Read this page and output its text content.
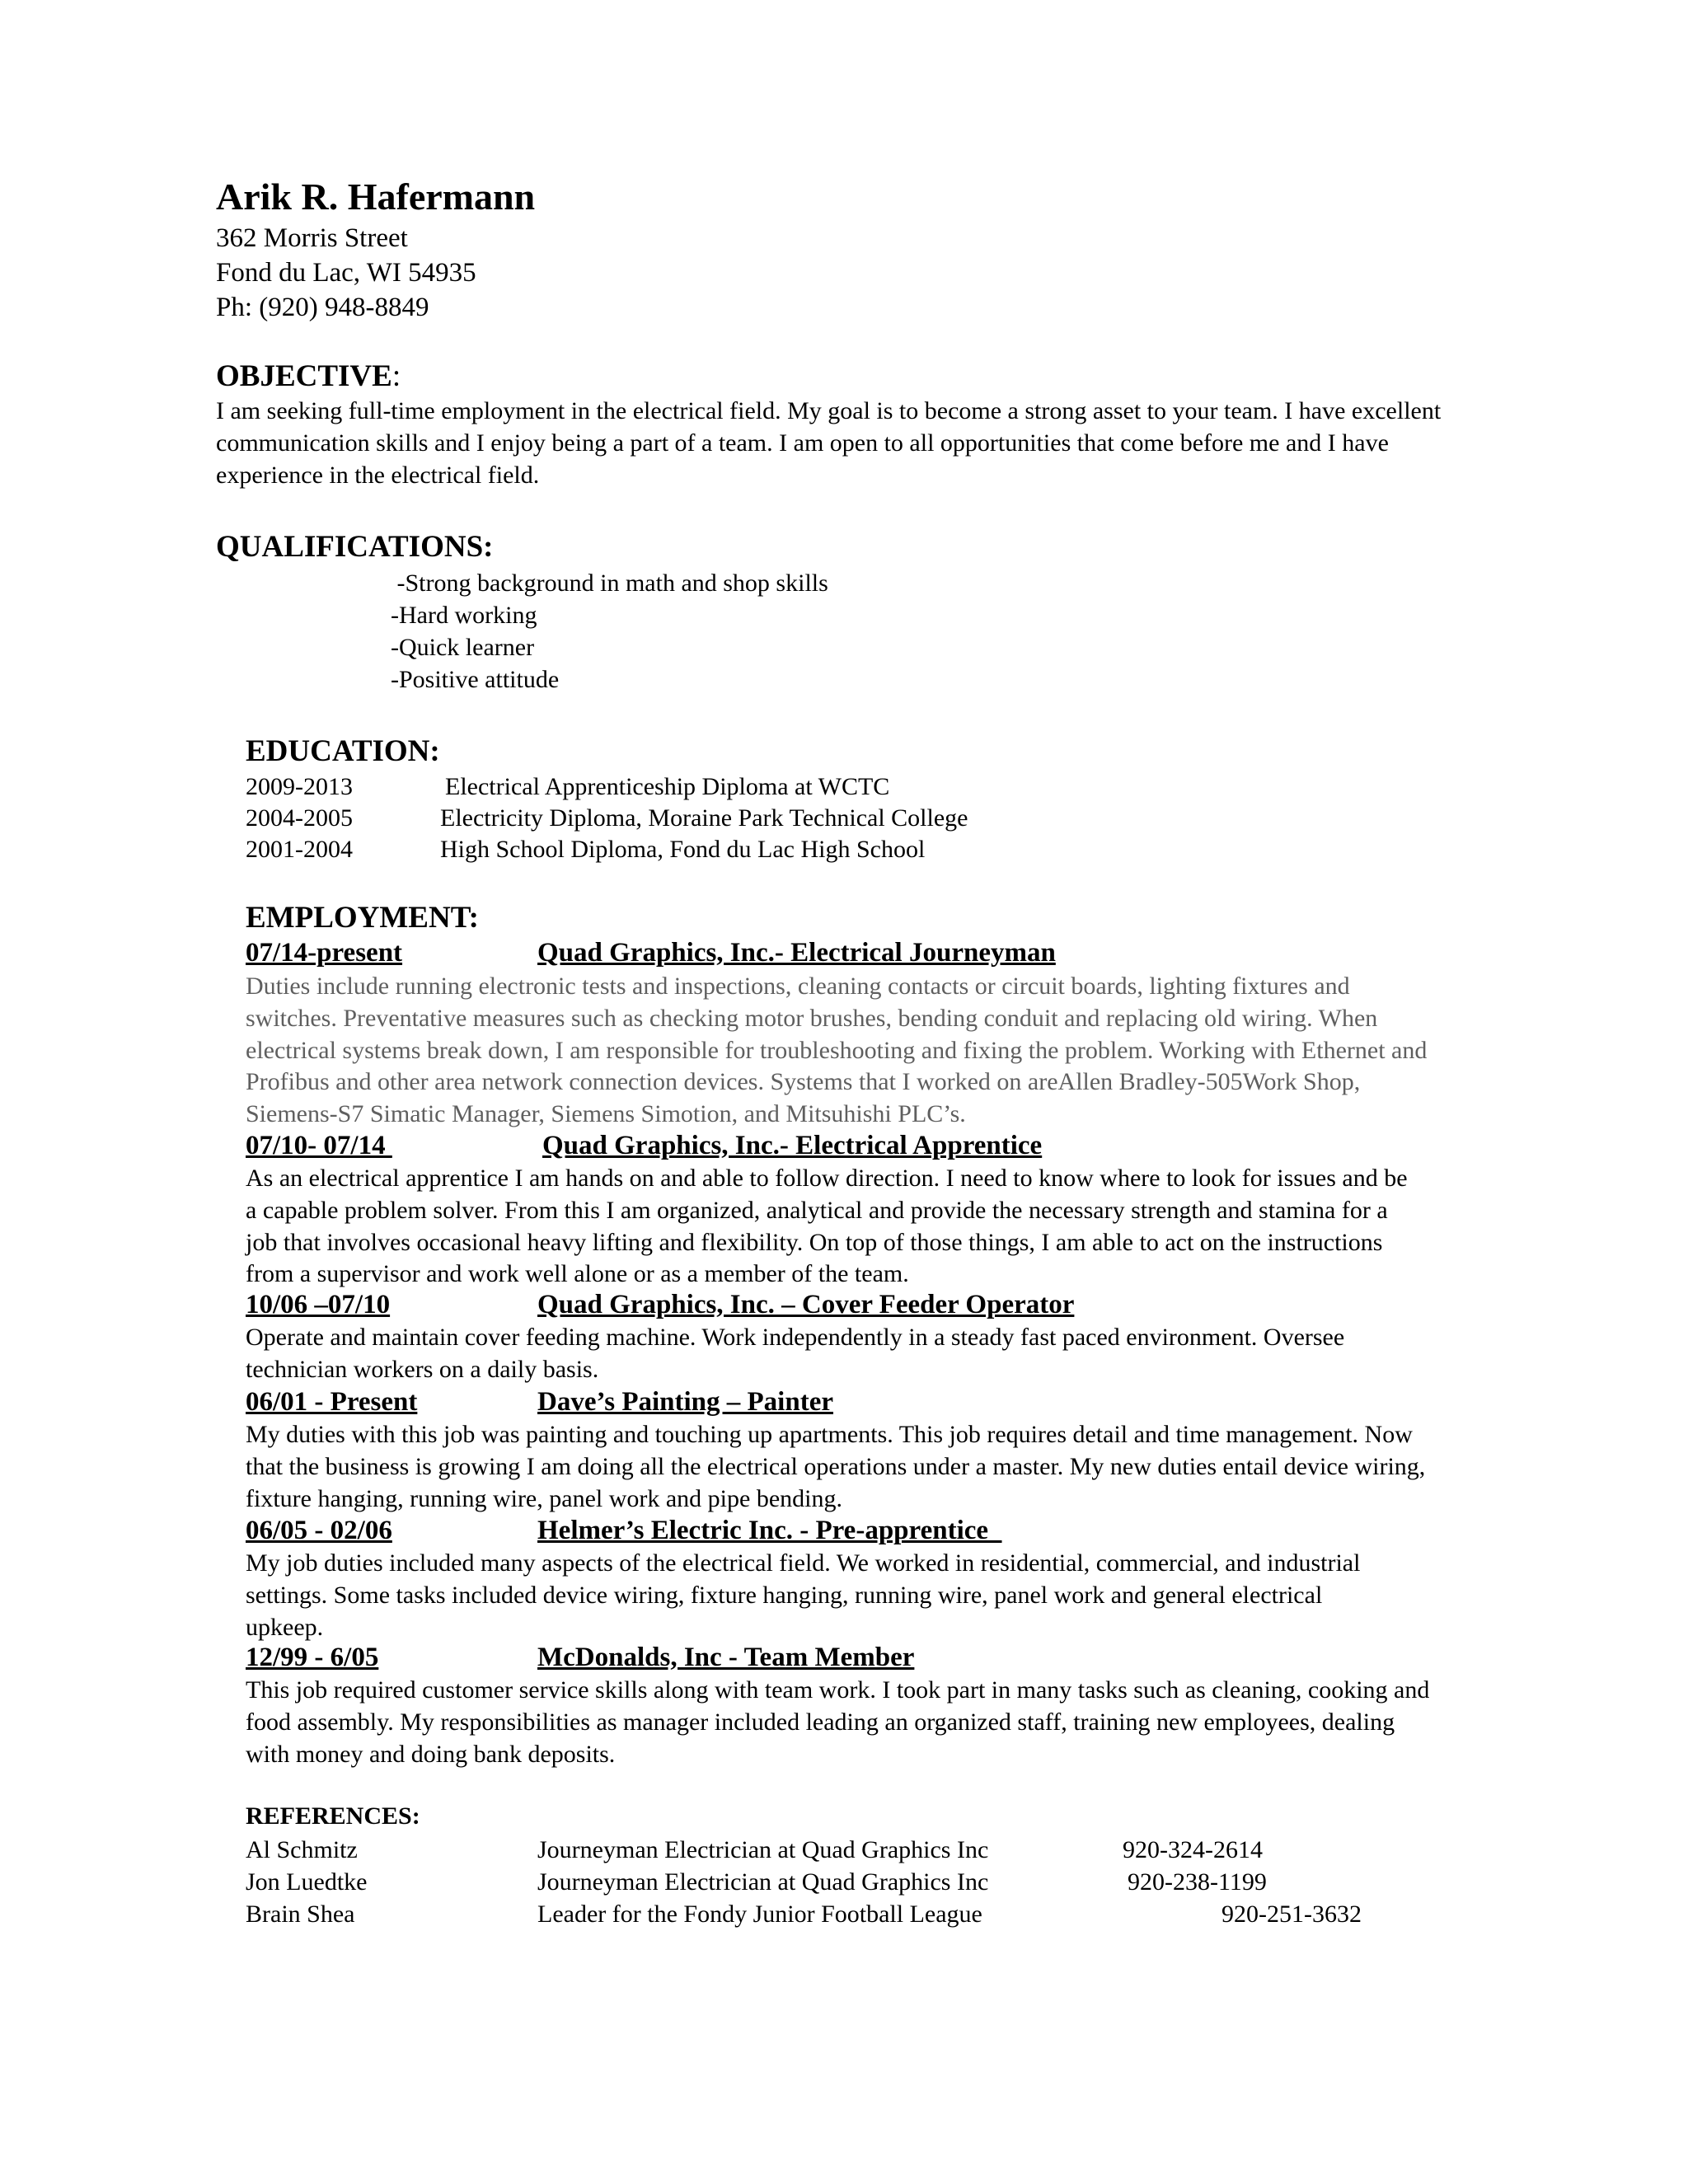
Arik R. Hafermann
362 Morris Street
Fond du Lac, WI 54935
Ph: (920) 948-8849
OBJECTIVE:
I am seeking full-time employment in the electrical field. My goal is to become a strong asset to your team. I have excellent communication skills and I enjoy being a part of a team. I am open to all opportunities that come before me and I have experience in the electrical field.
QUALIFICATIONS:
-Strong background in math and shop skills
-Hard working
-Quick learner
-Positive attitude
EDUCATION:
2009-2013	Electrical Apprenticeship Diploma at WCTC
2004-2005	Electricity Diploma, Moraine Park Technical College
2001-2004	High School Diploma, Fond du Lac High School
EMPLOYMENT:
07/14-present	Quad Graphics, Inc.- Electrical Journeyman
Duties include running electronic tests and inspections, cleaning contacts or circuit boards, lighting fixtures and switches. Preventative measures such as checking motor brushes, bending conduit and replacing old wiring. When electrical systems break down, I am responsible for troubleshooting and fixing the problem. Working with Ethernet and Profibus and other area network connection devices. Systems that I worked on areAllen Bradley-505Work Shop, Siemens-S7 Simatic Manager, Siemens Simotion, and Mitsuhishi PLC’s.
07/10- 07/14	Quad Graphics, Inc.- Electrical Apprentice
As an electrical apprentice I am hands on and able to follow direction. I need to know where to look for issues and be a capable problem solver. From this I am organized, analytical and provide the necessary strength and stamina for a job that involves occasional heavy lifting and flexibility. On top of those things, I am able to act on the instructions from a supervisor and work well alone or as a member of the team.
10/06 –07/10	Quad Graphics, Inc. – Cover Feeder Operator
Operate and maintain cover feeding machine. Work independently in a steady fast paced environment. Oversee technician workers on a daily basis.
06/01 - Present	Dave’s Painting – Painter
My duties with this job was painting and touching up apartments. This job requires detail and time management. Now that the business is growing I am doing all the electrical operations under a master. My new duties entail device wiring, fixture hanging, running wire, panel work and pipe bending.
06/05 - 02/06	Helmer’s Electric Inc. - Pre-apprentice
My job duties included many aspects of the electrical field. We worked in residential, commercial, and industrial settings. Some tasks included device wiring, fixture hanging, running wire, panel work and general electrical upkeep.
12/99 - 6/05	McDonalds, Inc - Team Member
This job required customer service skills along with team work. I took part in many tasks such as cleaning, cooking and food assembly. My responsibilities as manager included leading an organized staff, training new employees, dealing with money and doing bank deposits.
REFERENCES:
Al Schmitz	Journeyman Electrician at Quad Graphics Inc	920-324-2614
Jon Luedtke	Journeyman Electrician at Quad Graphics Inc	920-238-1199
Brain Shea	Leader for the Fondy Junior Football League	920-251-3632
